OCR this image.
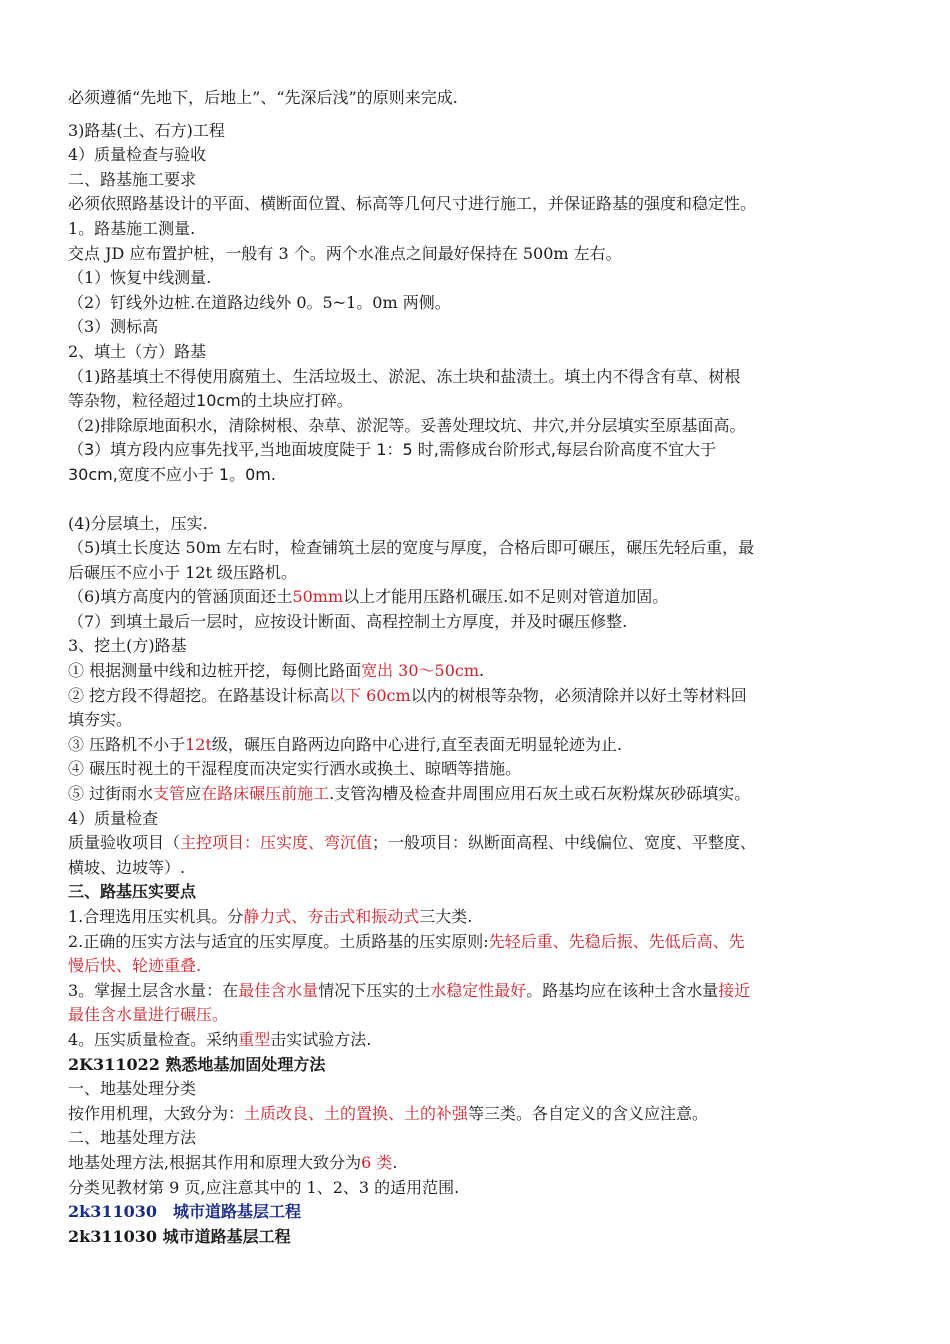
必须遵循“先地下，后地上”、“先深后浅”的原则来完成.

3)路基(土、石方)工程

4）质量检查与验收

二、路基施工要求

必须依照路基设计的平面、横断面位置、标高等几何尺寸进行施工，并保证路基的强度和稳定性。

1。路基施工测量.

交点 JD 应布置护桩，一般有 3 个。两个水准点之间最好保持在 500m 左右。

（1）恢复中线测量.

（2）钉线外边桩.在道路边线外 0。5~1。0m 两侧。

（3）测标高

2、填土（方）路基

（1)路基填土不得使用腐殖土、生活垃圾土、淤泥、冻土块和盐渍土。填土内不得含有草、树根

等杂物，粒径超过10cm的土块应打碎。

（2)排除原地面积水，清除树根、杂草、淤泥等。妥善处理坟坑、井穴,并分层填实至原基面高。

（3）填方段内应事先找平,当地面坡度陡于 1：5 时,需修成台阶形式,每层台阶高度不宜大于

30cm,宽度不应小于 1。0m.

(4)分层填土，压实.

（5)填土长度达 50m 左右时，检查铺筑土层的宽度与厚度，合格后即可碾压，碾压先轻后重，最

后碾压不应小于 12t 级压路机。

（6)填方高度内的管涵顶面还土50mm以上才能用压路机碾压.如不足则对管道加固。

（7）到填土最后一层时，应按设计断面、高程控制土方厚度，并及时碾压修整.

3、挖土(方)路基

① 根据测量中线和边桩开挖，每侧比路面宽出 30～50cm.

② 挖方段不得超挖。在路基设计标高以下 60cm以内的树根等杂物，必须清除并以好土等材料回

填夯实。

③ 压路机不小于12t级，碾压自路两边向路中心进行,直至表面无明显轮迹为止.

④ 碾压时视土的干湿程度而决定实行洒水或换土、晾晒等措施。

⑤ 过街雨水支管应在路床碾压前施工.支管沟槽及检查井周围应用石灰土或石灰粉煤灰砂砾填实。

4）质量检查

质量验收项目（主控项目：压实度、弯沉值；一般项目：纵断面高程、中线偏位、宽度、平整度、

横坡、边坡等）.

三、路基压实要点

1.合理选用压实机具。分静力式、夯击式和振动式三大类.

2.正确的压实方法与适宜的压实厚度。土质路基的压实原则:先轻后重、先稳后振、先低后高、先

慢后快、轮迹重叠.

3。掌握土层含水量：在最佳含水量情况下压实的土水稳定性最好。路基均应在该种土含水量接近

最佳含水量进行碾压。

4。压实质量检查。采纳重型击实试验方法.

2K311022 熟悉地基加固处理方法

一、地基处理分类

按作用机理，大致分为：土质改良、土的置换、土的补强等三类。各自定义的含义应注意。

二、地基处理方法

地基处理方法,根据其作用和原理大致分为6 类.

分类见教材第 9 页,应注意其中的 1、2、3 的适用范围.

2k311030　城市道路基层工程

2k311030 城市道路基层工程
